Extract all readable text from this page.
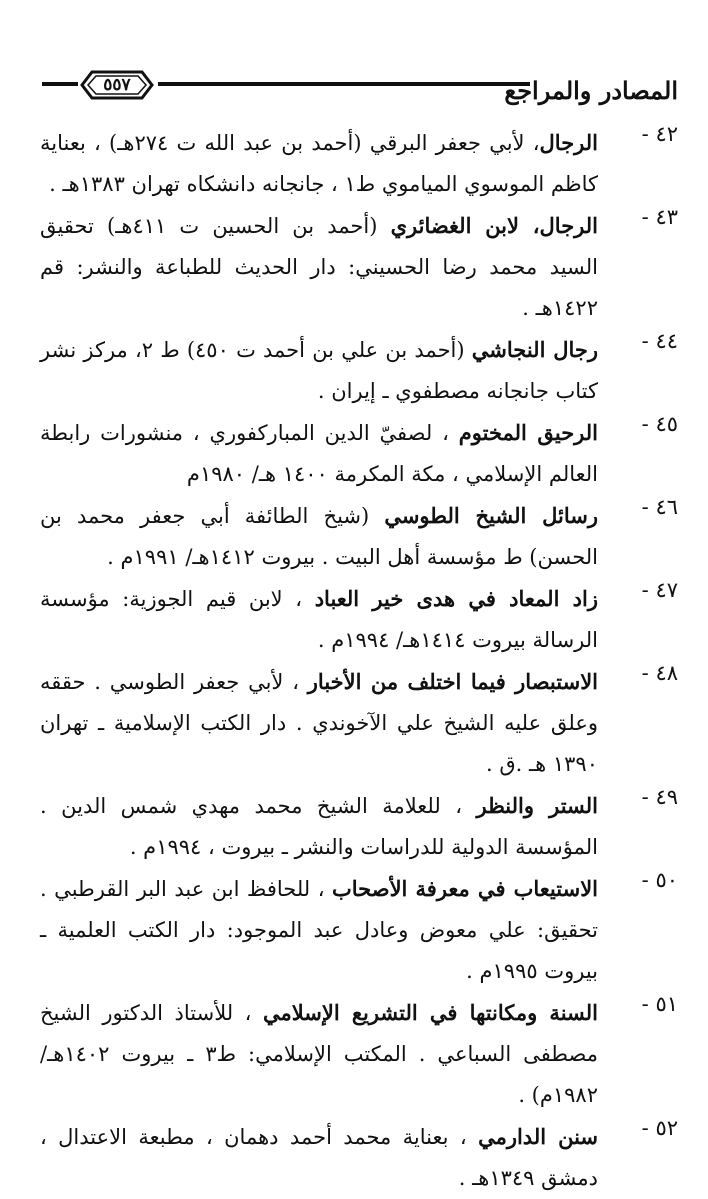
٥٥٧	المصادر والمراجع
٤٢ -
الرجال، لأبي جعفر البرقي (أحمد بن عبد الله ت ٢٧٤هـ) ، بعناية كاظم الموسوي المياموي ط١ ، جانجانه دانشكاه تهران ١٣٨٣هـ .
٤٣ -
الرجال، لابن الغضائري (أحمد بن الحسين ت ٤١١هـ) تحقيق السيد محمد رضا الحسيني: دار الحديث للطباعة والنشر: قم ١٤٢٢هـ .
٤٤ -
رجال النجاشي (أحمد بن علي بن أحمد ت ٤٥٠) ط ٢، مركز نشر كتاب جانجانه مصطفوي ـ إيران .
٤٥ -
الرحيق المختوم ، لصفيّ الدين المباركفوري ، منشورات رابطة العالم الإسلامي ، مكة المكرمة ١٤٠٠ هـ/ ١٩٨٠م
٤٦ -
رسائل الشيخ الطوسي (شيخ الطائفة أبي جعفر محمد بن الحسن) ط مؤسسة أهل البيت . بيروت ١٤١٢هـ/ ١٩٩١م .
٤٧ -
زاد المعاد في هدى خير العباد ، لابن قيم الجوزية: مؤسسة الرسالة بيروت ١٤١٤هـ/ ١٩٩٤م .
٤٨ -
الاستبصار فيما اختلف من الأخبار ، لأبي جعفر الطوسي . حققه وعلق عليه الشيخ علي الآخوندي . دار الكتب الإسلامية ـ تهران ١٣٩٠ هـ .ق .
٤٩ -
الستر والنظر ، للعلامة الشيخ محمد مهدي شمس الدين . المؤسسة الدولية للدراسات والنشر ـ بيروت ، ١٩٩٤م .
٥٠ -
الاستيعاب في معرفة الأصحاب ، للحافظ ابن عبد البر القرطبي . تحقيق: علي معوض وعادل عبد الموجود: دار الكتب العلمية ـ بيروت ١٩٩٥م .
٥١ -
السنة ومكانتها في التشريع الإسلامي ، للأستاذ الدكتور الشيخ مصطفى السباعي . المكتب الإسلامي: ط٣ ـ بيروت ١٤٠٢هـ/ ١٩٨٢م) .
٥٢ -
سنن الدارمي ، بعناية محمد أحمد دهمان ، مطبعة الاعتدال ، دمشق ١٣٤٩هـ .
